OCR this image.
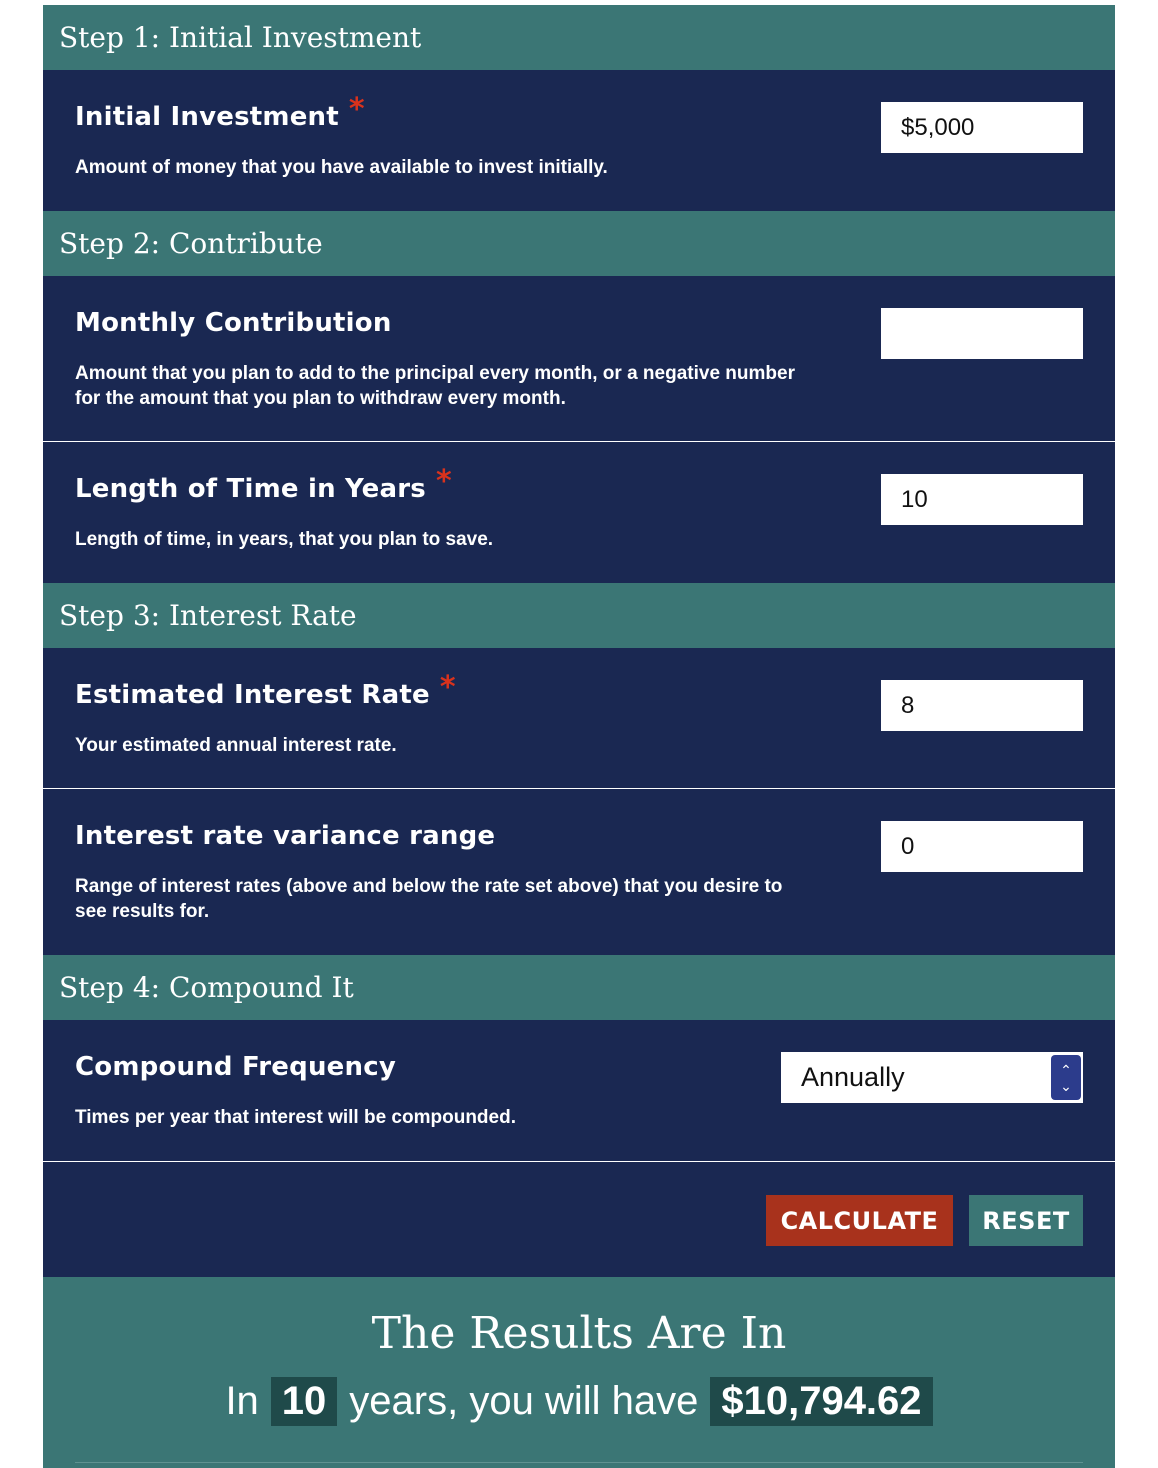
Step 1: Initial Investment
Initial Investment *
Amount of money that you have available to invest initially.
$5,000
Step 2: Contribute
Monthly Contribution
Amount that you plan to add to the principal every month, or a negative number for the amount that you plan to withdraw every month.
Length of Time in Years *
Length of time, in years, that you plan to save.
10
Step 3: Interest Rate
Estimated Interest Rate *
Your estimated annual interest rate.
8
Interest rate variance range
Range of interest rates (above and below the rate set above) that you desire to see results for.
0
Step 4: Compound It
Compound Frequency
Times per year that interest will be compounded.
Annually	⌃
⌄
CALCULATE	RESET
The Results Are In
In 10 years, you will have $10,794.62
